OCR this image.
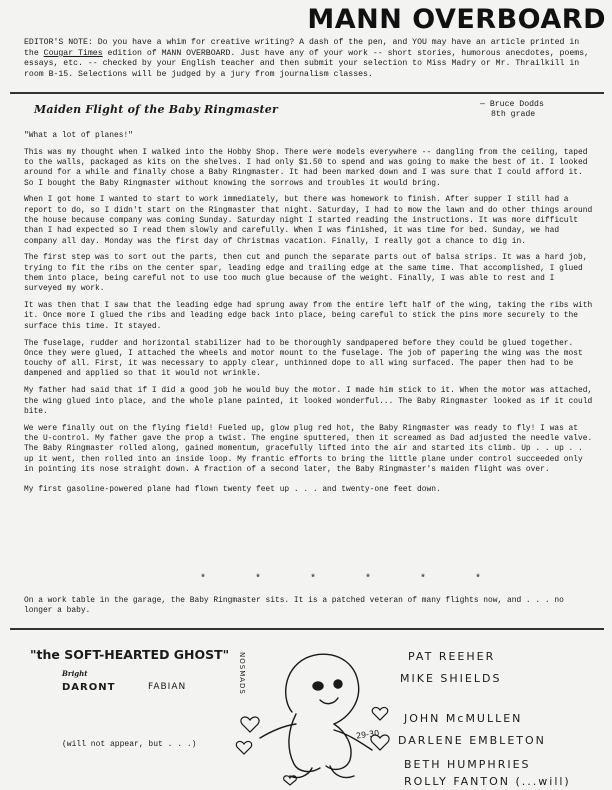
MANN OVERBOARD
EDITOR'S NOTE: Do you have a whim for creative writing? A dash of the pen, and YOU may have an article printed in the Cougar Times edition of MANN OVERBOARD. Just have any of your work -- short stories, humorous anecdotes, poems, essays, etc. -- checked by your English teacher and then submit your selection to Miss Madry or Mr. Thrailkill in room B-15. Selections will be judged by a jury from journalism classes.
Maiden Flight of the Baby Ringmaster	— Bruce Dodds
8th grade

"What a lot of planes!"

This was my thought when I walked into the Hobby Shop. There were models everywhere -- dangling from the ceiling, taped to the walls, packaged as kits on the shelves. I had only $1.50 to spend and was going to make the best of it. I looked around for a while and finally chose a Baby Ringmaster. It had been marked down and I was sure that I could afford it. So I bought the Baby Ringmaster without knowing the sorrows and troubles it would bring.

When I got home I wanted to start to work immediately, but there was homework to finish. After supper I still had a report to do, so I didn't start on the Ringmaster that night. Saturday, I had to mow the lawn and do other things around the house because company was coming Sunday. Saturday night I started reading the instructions. It was more difficult than I had expected so I read them slowly and carefully. When I was finished, it was time for bed. Sunday, we had company all day. Monday was the first day of Christmas vacation. Finally, I really got a chance to dig in.

The first step was to sort out the parts, then cut and punch the separate parts out of balsa strips. It was a hard job, trying to fit the ribs on the center spar, leading edge and trailing edge at the same time. That accomplished, I glued them into place, being careful not to use too much glue because of the weight. Finally, I was able to rest and I surveyed my work.

It was then that I saw that the leading edge had sprung away from the entire left half of the wing, taking the ribs with it. Once more I glued the ribs and leading edge back into place, being careful to stick the pins more securely to the surface this time. It stayed.

The fuselage, rudder and horizontal stabilizer had to be thoroughly sandpapered before they could be glued together. Once they were glued, I attached the wheels and motor mount to the fuselage. The job of papering the wing was the most touchy of all. First, it was necessary to apply clear, unthinned dope to all wing surfaced. The paper then had to be dampened and applied so that it would not wrinkle.

My father had said that if I did a good job he would buy the motor. I made him stick to it. When the motor was attached, the wing glued into place, and the whole plane painted, it looked wonderful... The Baby Ringmaster looked as if it could bite.

We were finally out on the flying field! Fueled up, glow plug red hot, the Baby Ringmaster was ready to fly! I was at the U-control. My father gave the prop a twist. The engine sputtered, then it screamed as Dad adjusted the needle valve. The Baby Ringmaster rolled along, gained momentum, gracefully lifted into the air and started its climb. Up . . up . . up it went, then rolled into an inside loop. My frantic efforts to bring the little plane under control succeeded only in pointing its nose straight down. A fraction of a second later, the Baby Ringmaster's maiden flight was over.

My first gasoline-powered plane had flown twenty feet up . . . and twenty-one feet down.

* * * * * *
On a work table in the garage, the Baby Ringmaster sits. It is a patched veteran of many flights now, and . . . no longer a baby.
"the SOFT-HEARTED GHOST"
Bright
DARONT	FABIAN
(will not appear, but . . .)
NOSMADS
29-30
PAT REEHER
MIKE SHIELDS
JOHN McMULLEN
DARLENE EMBLETON
BETH HUMPHRIES
ROLLY FANTON (...will)
